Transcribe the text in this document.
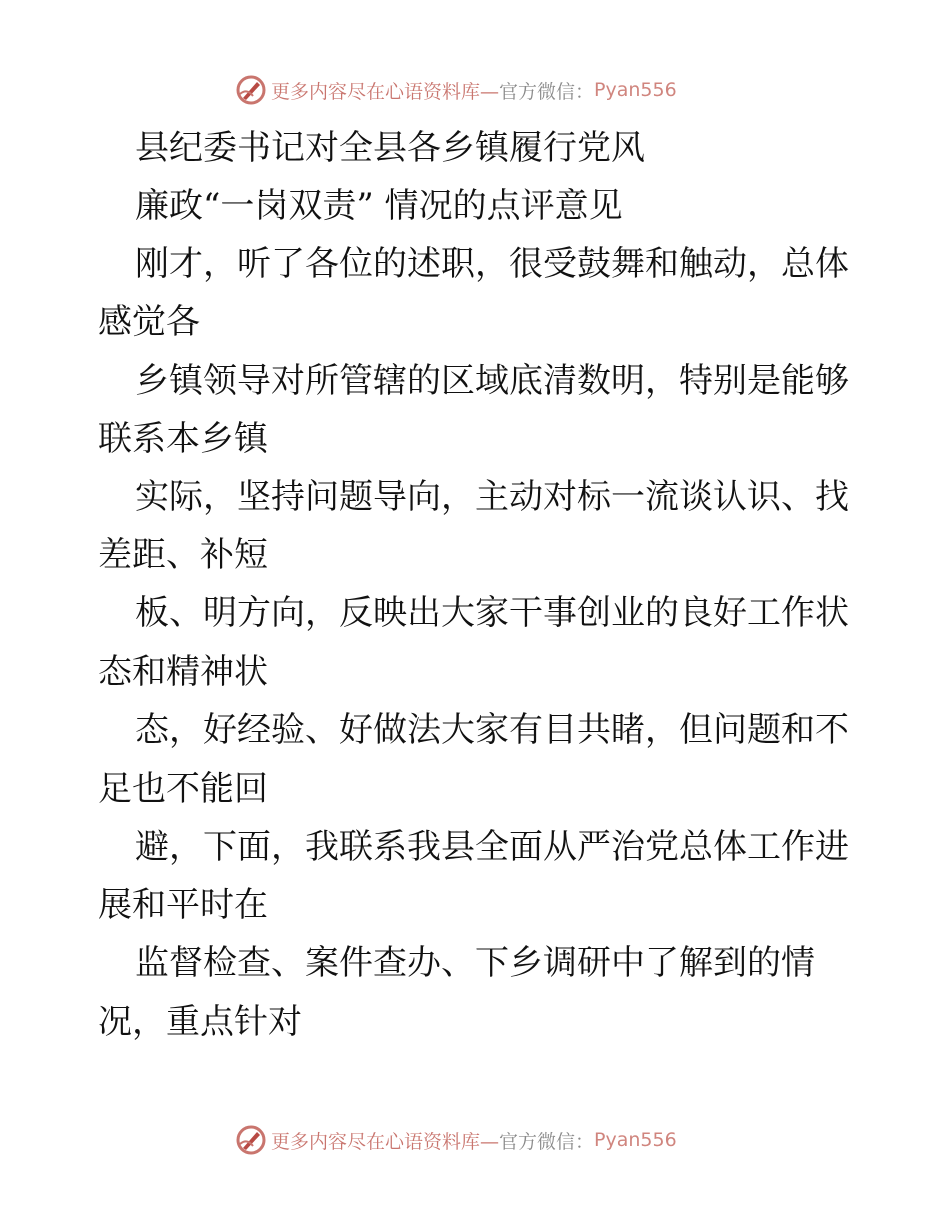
更多内容尽在心语资料库— 官方微信： Pyan556
县纪委书记对全县各乡镇履行党风
廉政“一岗双责” 情况的点评意见
刚才，听了各位的述职，很受鼓舞和触动，总体
感觉各
乡镇领导对所管辖的区域底清数明，特别是能够
联系本乡镇
实际，坚持问题导向，主动对标一流谈认识、找
差距、补短
板、明方向，反映出大家干事创业的良好工作状
态和精神状
态，好经验、好做法大家有目共睹，但问题和不
足也不能回
避，下面，我联系我县全面从严治党总体工作进
展和平时在
监督检查、案件查办、下乡调研中了解到的情
况，重点针对
更多内容尽在心语资料库— 官方微信： Pyan556
